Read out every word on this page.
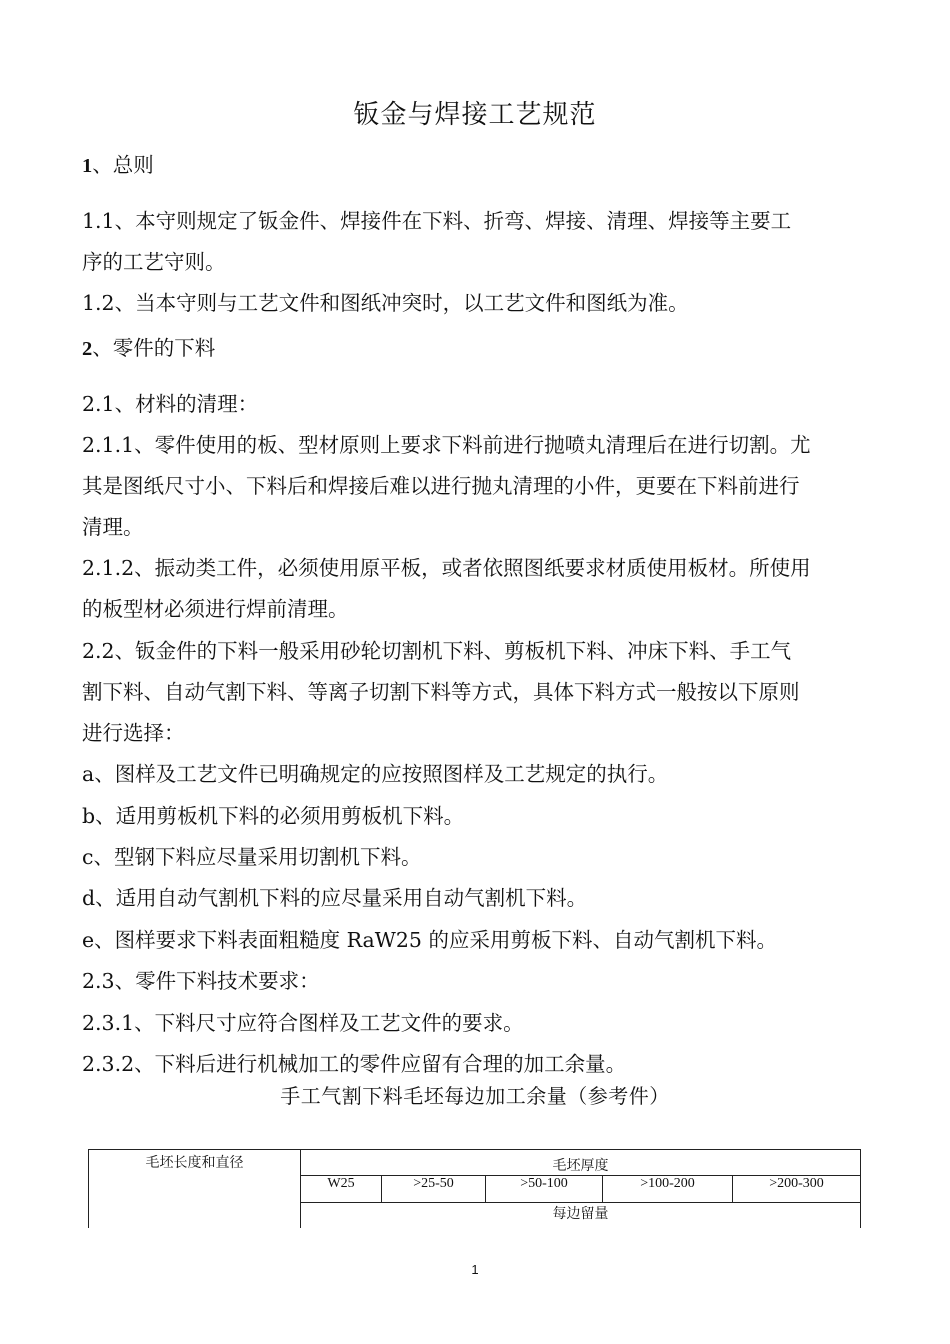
钣金与焊接工艺规范
1、总则
1.1、本守则规定了钣金件、焊接件在下料、折弯、焊接、清理、焊接等主要工
序的工艺守则。
1.2、当本守则与工艺文件和图纸冲突时，以工艺文件和图纸为准。
2、零件的下料
2.1、材料的清理：
2.1.1、零件使用的板、型材原则上要求下料前进行抛喷丸清理后在进行切割。尤
其是图纸尺寸小、下料后和焊接后难以进行抛丸清理的小件，更要在下料前进行
清理。
2.1.2、振动类工件，必须使用原平板，或者依照图纸要求材质使用板材。所使用
的板型材必须进行焊前清理。
2.2、钣金件的下料一般采用砂轮切割机下料、剪板机下料、冲床下料、手工气
割下料、自动气割下料、等离子切割下料等方式，具体下料方式一般按以下原则
进行选择：
a、图样及工艺文件已明确规定的应按照图样及工艺规定的执行。
b、适用剪板机下料的必须用剪板机下料。
c、型钢下料应尽量采用切割机下料。
d、适用自动气割机下料的应尽量采用自动气割机下料。
e、图样要求下料表面粗糙度 RaW25 的应采用剪板下料、自动气割机下料。
2.3、零件下料技术要求：
2.3.1、下料尺寸应符合图样及工艺文件的要求。
2.3.2、下料后进行机械加工的零件应留有合理的加工余量。
手工气割下料毛坯每边加工余量（参考件）
毛坯长度和直径	毛坯厚度				
	W25	>25-50	>50-100	>100-200	>200-300
	每边留量				
1
